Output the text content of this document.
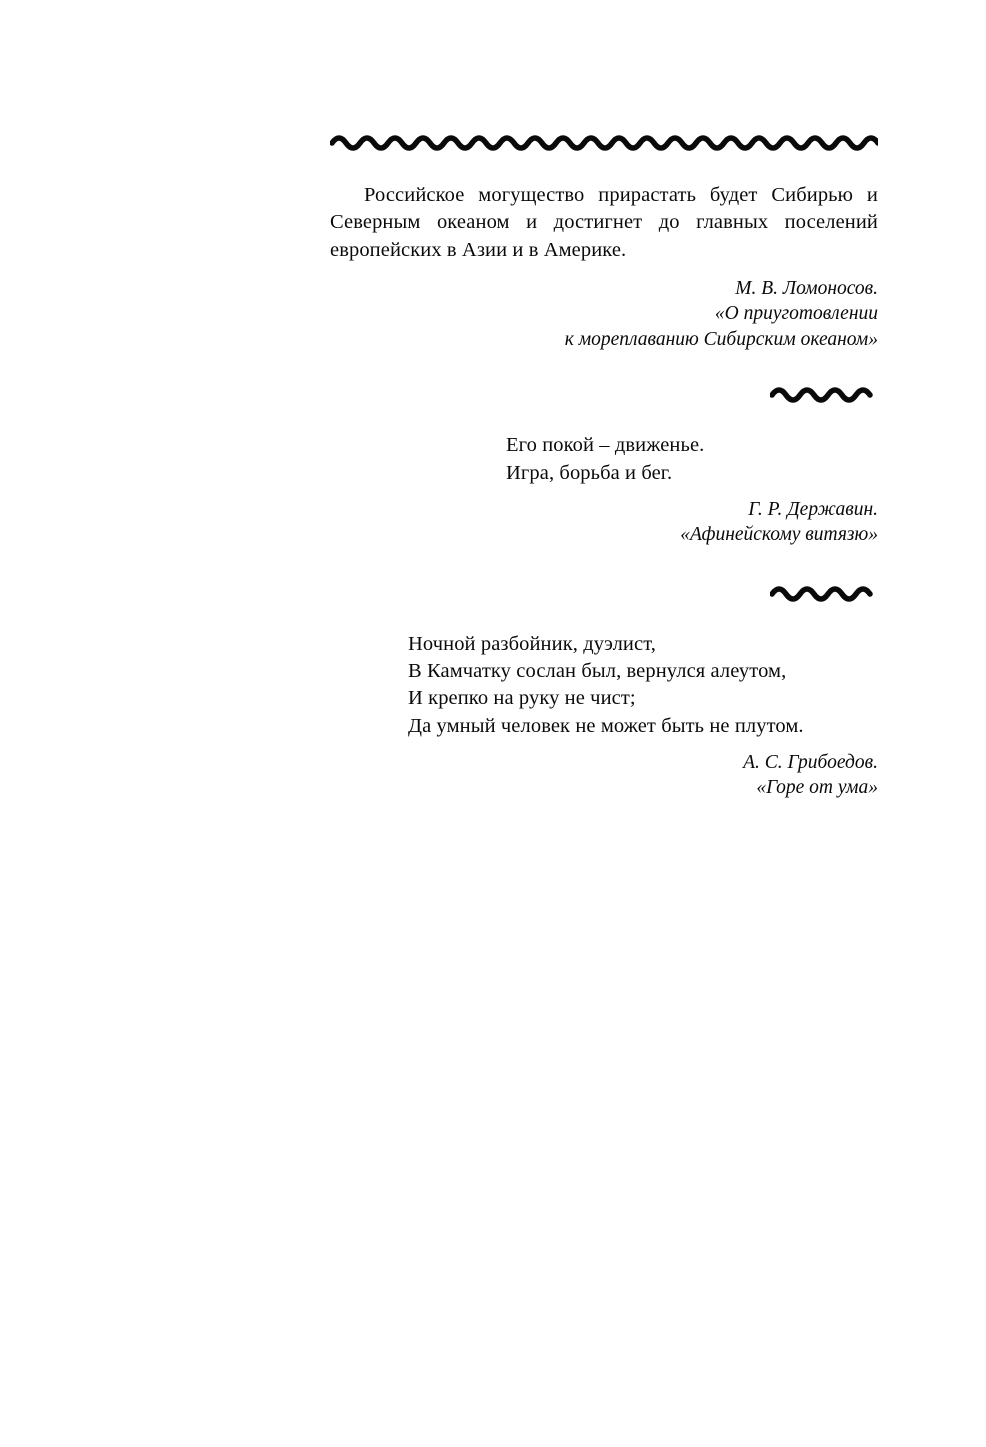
Российское могущество прирастать будет Сибирью и Северным океаном и достигнет до главных поселений европейских в Азии и в Америке.

М. В. Ломоносов.

«О приуготовлении

к мореплаванию Сибирским океаном»

Его покой – движенье.

Игра, борьба и бег.

Г. Р. Державин.

«Афинейскому витязю»

Ночной разбойник, дуэлист,

В Камчатку сослан был, вернулся алеутом,

И крепко на руку не чист;

Да умный человек не может быть не плутом.

А. С. Грибоедов.

«Горе от ума»
